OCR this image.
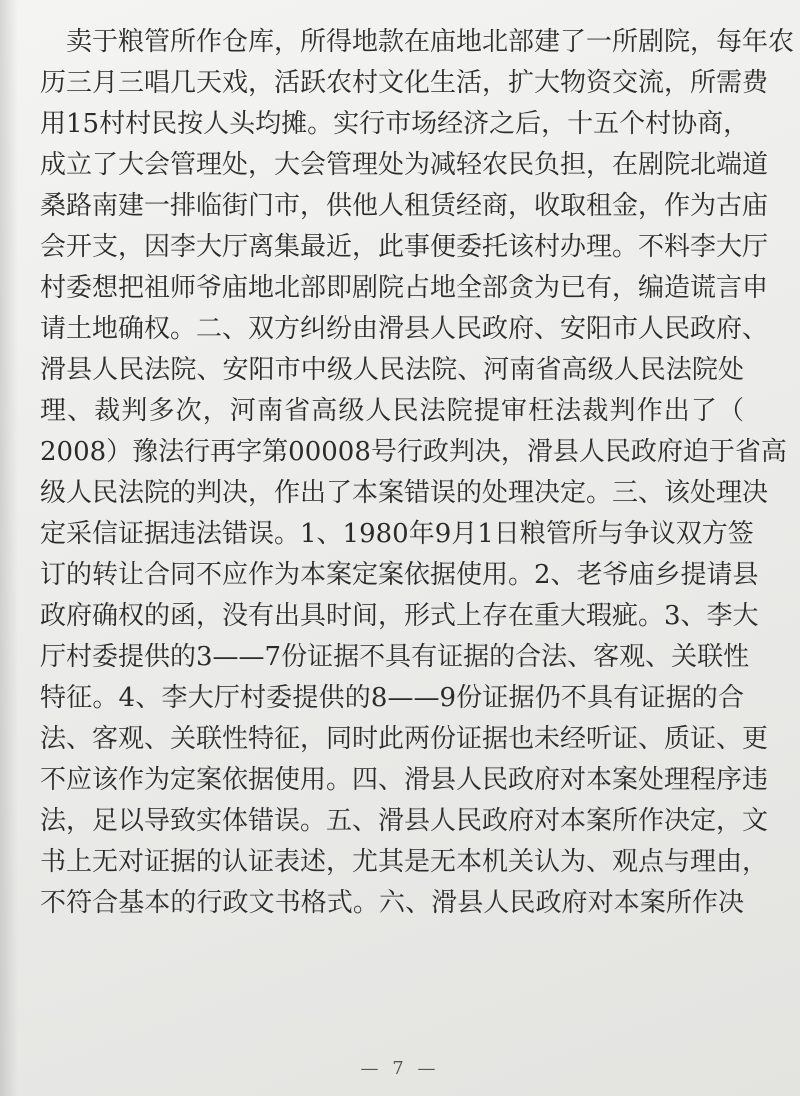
卖于粮管所作仓库，所得地款在庙地北部建了一所剧院，每年农
历三月三唱几天戏，活跃农村文化生活，扩大物资交流，所需费
用15村村民按人头均摊。实行市场经济之后，十五个村协商，
成立了大会管理处，大会管理处为减轻农民负担，在剧院北端道
桑路南建一排临街门市，供他人租赁经商，收取租金，作为古庙
会开支，因李大厅离集最近，此事便委托该村办理。不料李大厅
村委想把祖师爷庙地北部即剧院占地全部贪为已有，编造谎言申
请土地确权。二、双方纠纷由滑县人民政府、安阳市人民政府、
滑县人民法院、安阳市中级人民法院、河南省高级人民法院处
理、裁判多次，河南省高级人民法院提审枉法裁判作出了（
2008）豫法行再字第00008号行政判决，滑县人民政府迫于省高
级人民法院的判决，作出了本案错误的处理决定。三、该处理决
定采信证据违法错误。1、1980年9月1日粮管所与争议双方签
订的转让合同不应作为本案定案依据使用。2、老爷庙乡提请县
政府确权的函，没有出具时间，形式上存在重大瑕疵。3、李大
厅村委提供的3——7份证据不具有证据的合法、客观、关联性
特征。4、李大厅村委提供的8——9份证据仍不具有证据的合
法、客观、关联性特征，同时此两份证据也未经听证、质证、更
不应该作为定案依据使用。四、滑县人民政府对本案处理程序违
法，足以导致实体错误。五、滑县人民政府对本案所作决定，文
书上无对证据的认证表述，尤其是无本机关认为、观点与理由，
不符合基本的行政文书格式。六、滑县人民政府对本案所作决
— 7 —
